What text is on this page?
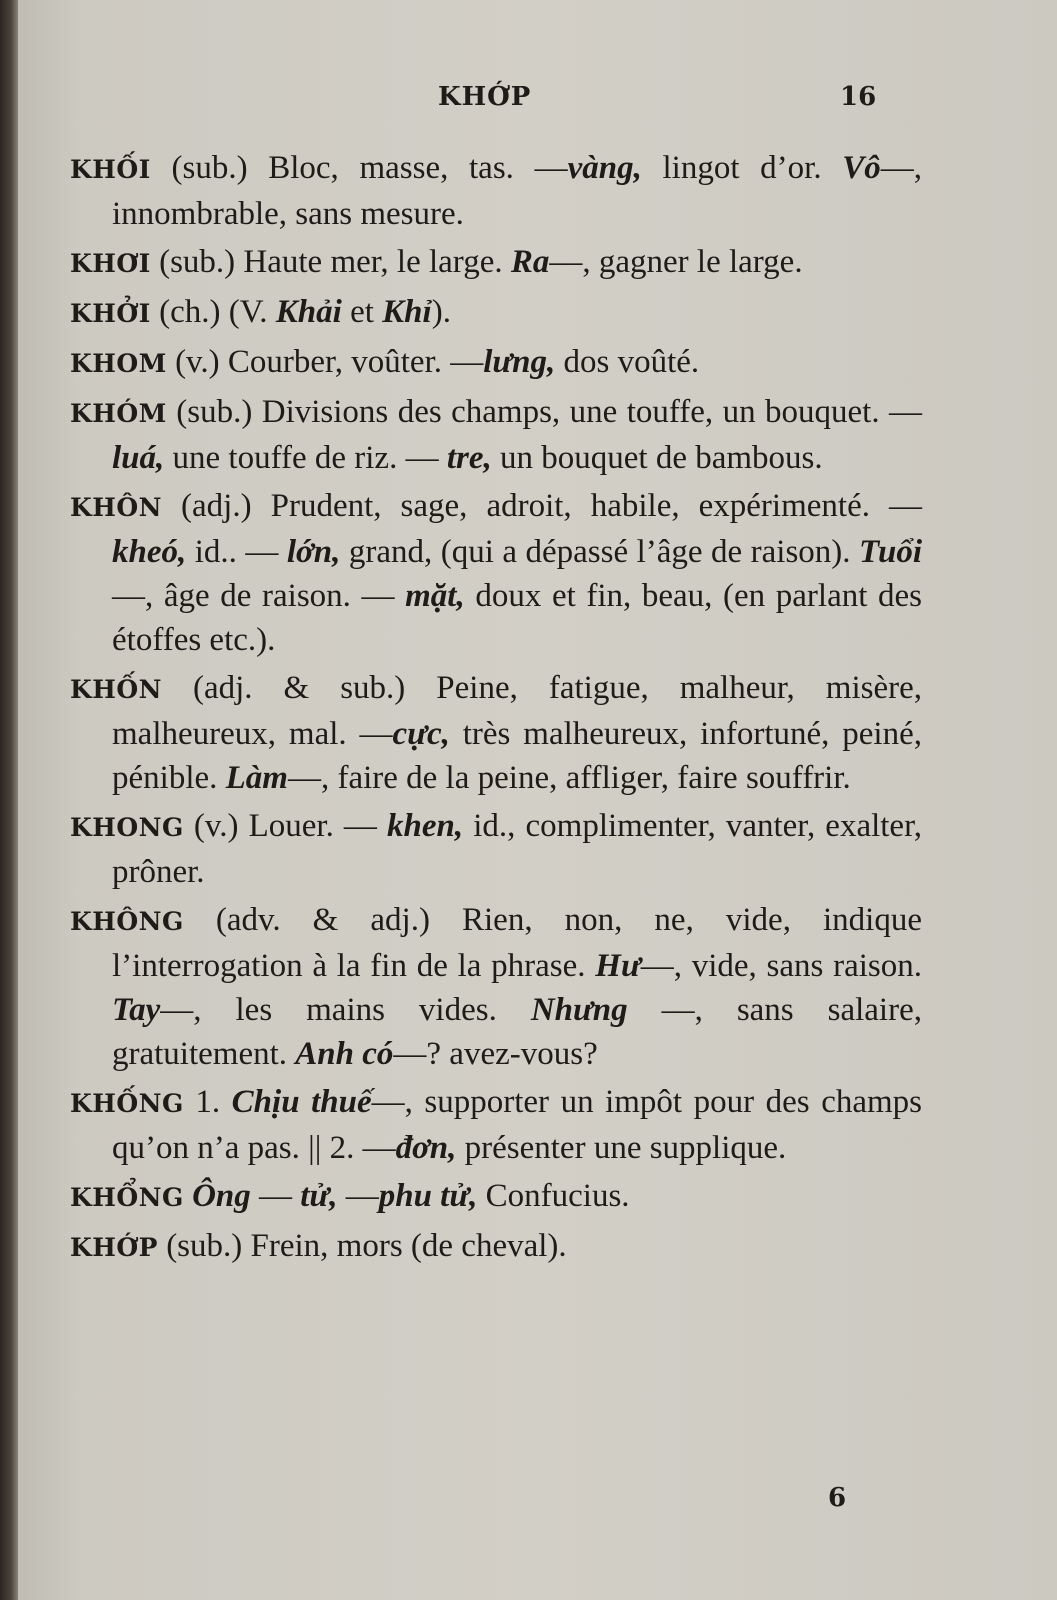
KHỚP	16

KHỐI (sub.) Bloc, masse, tas. —vàng, lingot d’or. Vô—, innombrable, sans mesure.

KHƠI (sub.) Haute mer, le large. Ra—, gagner le large.

KHỞI (ch.) (V. Khải et Khỉ).

KHOM (v.) Courber, voûter. —lưng, dos voûté.

KHÓM (sub.) Divisions des champs, une touffe, un bouquet. — luá, une touffe de riz. — tre, un bouquet de bambous.

KHÔN (adj.) Prudent, sage, adroit, habile, expérimenté. — kheó, id.. — lớn, grand, (qui a dépassé l’âge de raison). Tuổi—, âge de raison. — mặt, doux et fin, beau, (en parlant des étoffes etc.).

KHỐN (adj. & sub.) Peine, fatigue, malheur, misère, malheureux, mal. —cực, très malheureux, infortuné, peiné, pénible. Làm—, faire de la peine, affliger, faire souffrir.

KHONG (v.) Louer. — khen, id., complimenter, vanter, exalter, prôner.

KHÔNG (adv. & adj.) Rien, non, ne, vide, indique l’interrogation à la fin de la phrase. Hư—, vide, sans raison. Tay—, les mains vides. Nhưng —, sans salaire, gratuitement. Anh có—? avez-vous?

KHỐNG 1. Chịu thuế—, supporter un impôt pour des champs qu’on n’a pas. || 2. —đơn, présenter une supplique.

KHỔNG Ông — tử, —phu tử, Confucius.

KHỚP (sub.) Frein, mors (de cheval).

6
